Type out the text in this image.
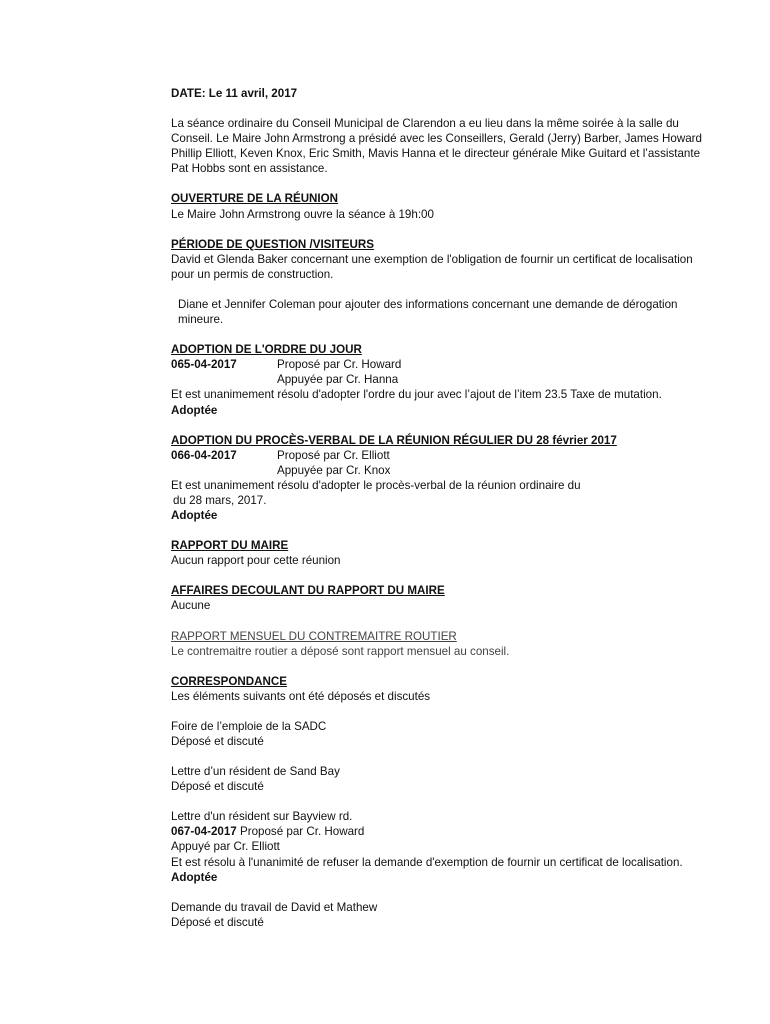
DATE: Le 11 avril, 2017

La séance ordinaire du Conseil Municipal de Clarendon a eu lieu dans la même soirée à la salle du Conseil. Le Maire John Armstrong a présidé avec les Conseillers, Gerald (Jerry) Barber, James Howard Phillip Elliott, Keven Knox, Eric Smith, Mavis Hanna et le directeur générale Mike Guitard et l’assistante Pat Hobbs sont en assistance.

OUVERTURE DE LA RÉUNION

Le Maire John Armstrong ouvre la séance à 19h:00

PÉRIODE DE QUESTION /VISITEURS

David et Glenda Baker concernant une exemption de l'obligation de fournir un certificat de localisation pour un permis de construction.

Diane et Jennifer Coleman pour ajouter des informations concernant une demande de dérogation mineure.

ADOPTION DE L'ORDRE DU JOUR

065-04-2017	Proposé par Cr. Howard

Appuyée par Cr. Hanna

Et est unanimement résolu d'adopter l'ordre du jour avec l’ajout de l’item 23.5 Taxe de mutation.

Adoptée

ADOPTION DU PROCÈS-VERBAL DE LA RÉUNION RÉGULIER DU 28 février 2017

066-04-2017	Proposé par Cr. Elliott

Appuyée par Cr. Knox

Et est unanimement résolu d'adopter le procès-verbal de la réunion ordinaire du

du 28 mars, 2017.

Adoptée

RAPPORT DU MAIRE

Aucun rapport pour cette réunion

AFFAIRES DECOULANT DU RAPPORT DU MAIRE

Aucune

RAPPORT MENSUEL DU CONTREMAITRE ROUTIER

Le contremaitre routier a déposé sont rapport mensuel au conseil.

CORRESPONDANCE

Les éléments suivants ont été déposés et discutés

Foire de l’emploie de la SADC

Déposé et discuté

Lettre d’un résident de Sand Bay

Déposé et discuté

Lettre d'un résident sur Bayview rd.

067-04-2017 Proposé par Cr. Howard

Appuyé par Cr. Elliott

Et est résolu à l'unanimité de refuser la demande d'exemption de fournir un certificat de localisation.

Adoptée

Demande du travail de David et Mathew

Déposé et discuté
